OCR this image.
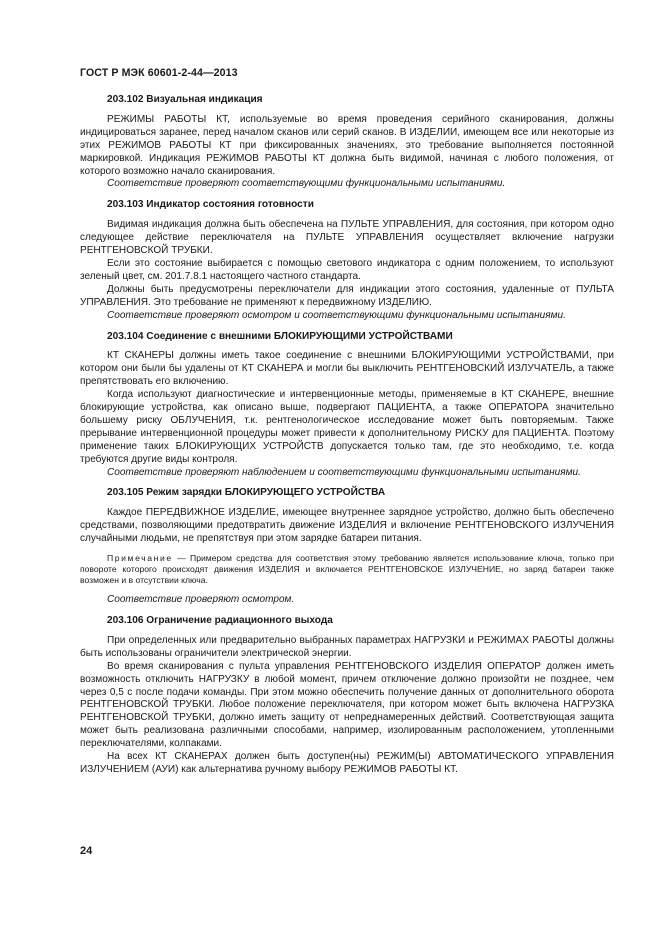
ГОСТ Р МЭК 60601-2-44—2013
203.102 Визуальная индикация

РЕЖИМЫ РАБОТЫ КТ, используемые во время проведения серийного сканирования, должны индицироваться заранее, перед началом сканов или серий сканов. В ИЗДЕЛИИ, имеющем все или некоторые из этих РЕЖИМОВ РАБОТЫ КТ при фиксированных значениях, это требование выполняется постоянной маркировкой. Индикация РЕЖИМОВ РАБОТЫ КТ должна быть видимой, начиная с любого положения, от которого возможно начало сканирования.

Соответствие проверяют соответствующими функциональными испытаниями.

203.103 Индикатор состояния готовности

Видимая индикация должна быть обеспечена на ПУЛЬТЕ УПРАВЛЕНИЯ, для состояния, при котором одно следующее действие переключателя на ПУЛЬТЕ УПРАВЛЕНИЯ осуществляет включение нагрузки РЕНТГЕНОВСКОЙ ТРУБКИ.

Если это состояние выбирается с помощью светового индикатора с одним положением, то используют зеленый цвет, см. 201.7.8.1 настоящего частного стандарта.

Должны быть предусмотрены переключатели для индикации этого состояния, удаленные от ПУЛЬТА УПРАВЛЕНИЯ. Это требование не применяют к передвижному ИЗДЕЛИЮ.

Соответствие проверяют осмотром и соответствующими функциональными испытаниями.

203.104 Соединение с внешними БЛОКИРУЮЩИМИ УСТРОЙСТВАМИ

КТ СКАНЕРЫ должны иметь такое соединение с внешними БЛОКИРУЮЩИМИ УСТРОЙСТВАМИ, при котором они были бы удалены от КТ СКАНЕРА и могли бы выключить РЕНТГЕНОВСКИЙ ИЗЛУЧАТЕЛЬ, а также препятствовать его включению.

Когда используют диагностические и интервенционные методы, применяемые в КТ СКАНЕРЕ, внешние блокирующие устройства, как описано выше, подвергают ПАЦИЕНТА, а также ОПЕРАТОРА значительно большему риску ОБЛУЧЕНИЯ, т.к. рентгенологическое исследование может быть повторяемым. Также прерывание интервенционной процедуры может привести к дополнительному РИСКУ для ПАЦИЕНТА. Поэтому применение таких БЛОКИРУЮЩИХ УСТРОЙСТВ допускается только там, где это необходимо, т.е. когда требуются другие виды контроля.

Соответствие проверяют наблюдением и соответствующими функциональными испытаниями.

203.105 Режим зарядки БЛОКИРУЮЩЕГО УСТРОЙСТВА

Каждое ПЕРЕДВИЖНОЕ ИЗДЕЛИЕ, имеющее внутреннее зарядное устройство, должно быть обеспечено средствами, позволяющими предотвратить движение ИЗДЕЛИЯ и включение РЕНТГЕНОВСКОГО ИЗЛУЧЕНИЯ случайными людьми, не препятствуя при этом зарядке батареи питания.

Примечание — Примером средства для соответствия этому требованию является использование ключа, только при повороте которого происходят движения ИЗДЕЛИЯ и включается РЕНТГЕНОВСКОЕ ИЗЛУЧЕНИЕ, но заряд батареи также возможен и в отсутствии ключа.

Соответствие проверяют осмотром.

203.106 Ограничение радиационного выхода

При определенных или предварительно выбранных параметрах НАГРУЗКИ и РЕЖИМАХ РАБОТЫ должны быть использованы ограничители электрической энергии.

Во время сканирования с пульта управления РЕНТГЕНОВСКОГО ИЗДЕЛИЯ ОПЕРАТОР должен иметь возможность отключить НАГРУЗКУ в любой момент, причем отключение должно произойти не позднее, чем через 0,5 с после подачи команды. При этом можно обеспечить получение данных от дополнительного оборота РЕНТГЕНОВСКОЙ ТРУБКИ. Любое положение переключателя, при котором может быть включена НАГРУЗКА РЕНТГЕНОВСКОЙ ТРУБКИ, должно иметь защиту от непреднамеренных действий. Соответствующая защита может быть реализована различными способами, например, изолированным расположением, утопленными переключателями, колпаками.

На всех КТ СКАНЕРАХ должен быть доступен(ны) РЕЖИМ(Ы) АВТОМАТИЧЕСКОГО УПРАВЛЕНИЯ ИЗЛУЧЕНИЕМ (АУИ) как альтернатива ручному выбору РЕЖИМОВ РАБОТЫ КТ.

24
